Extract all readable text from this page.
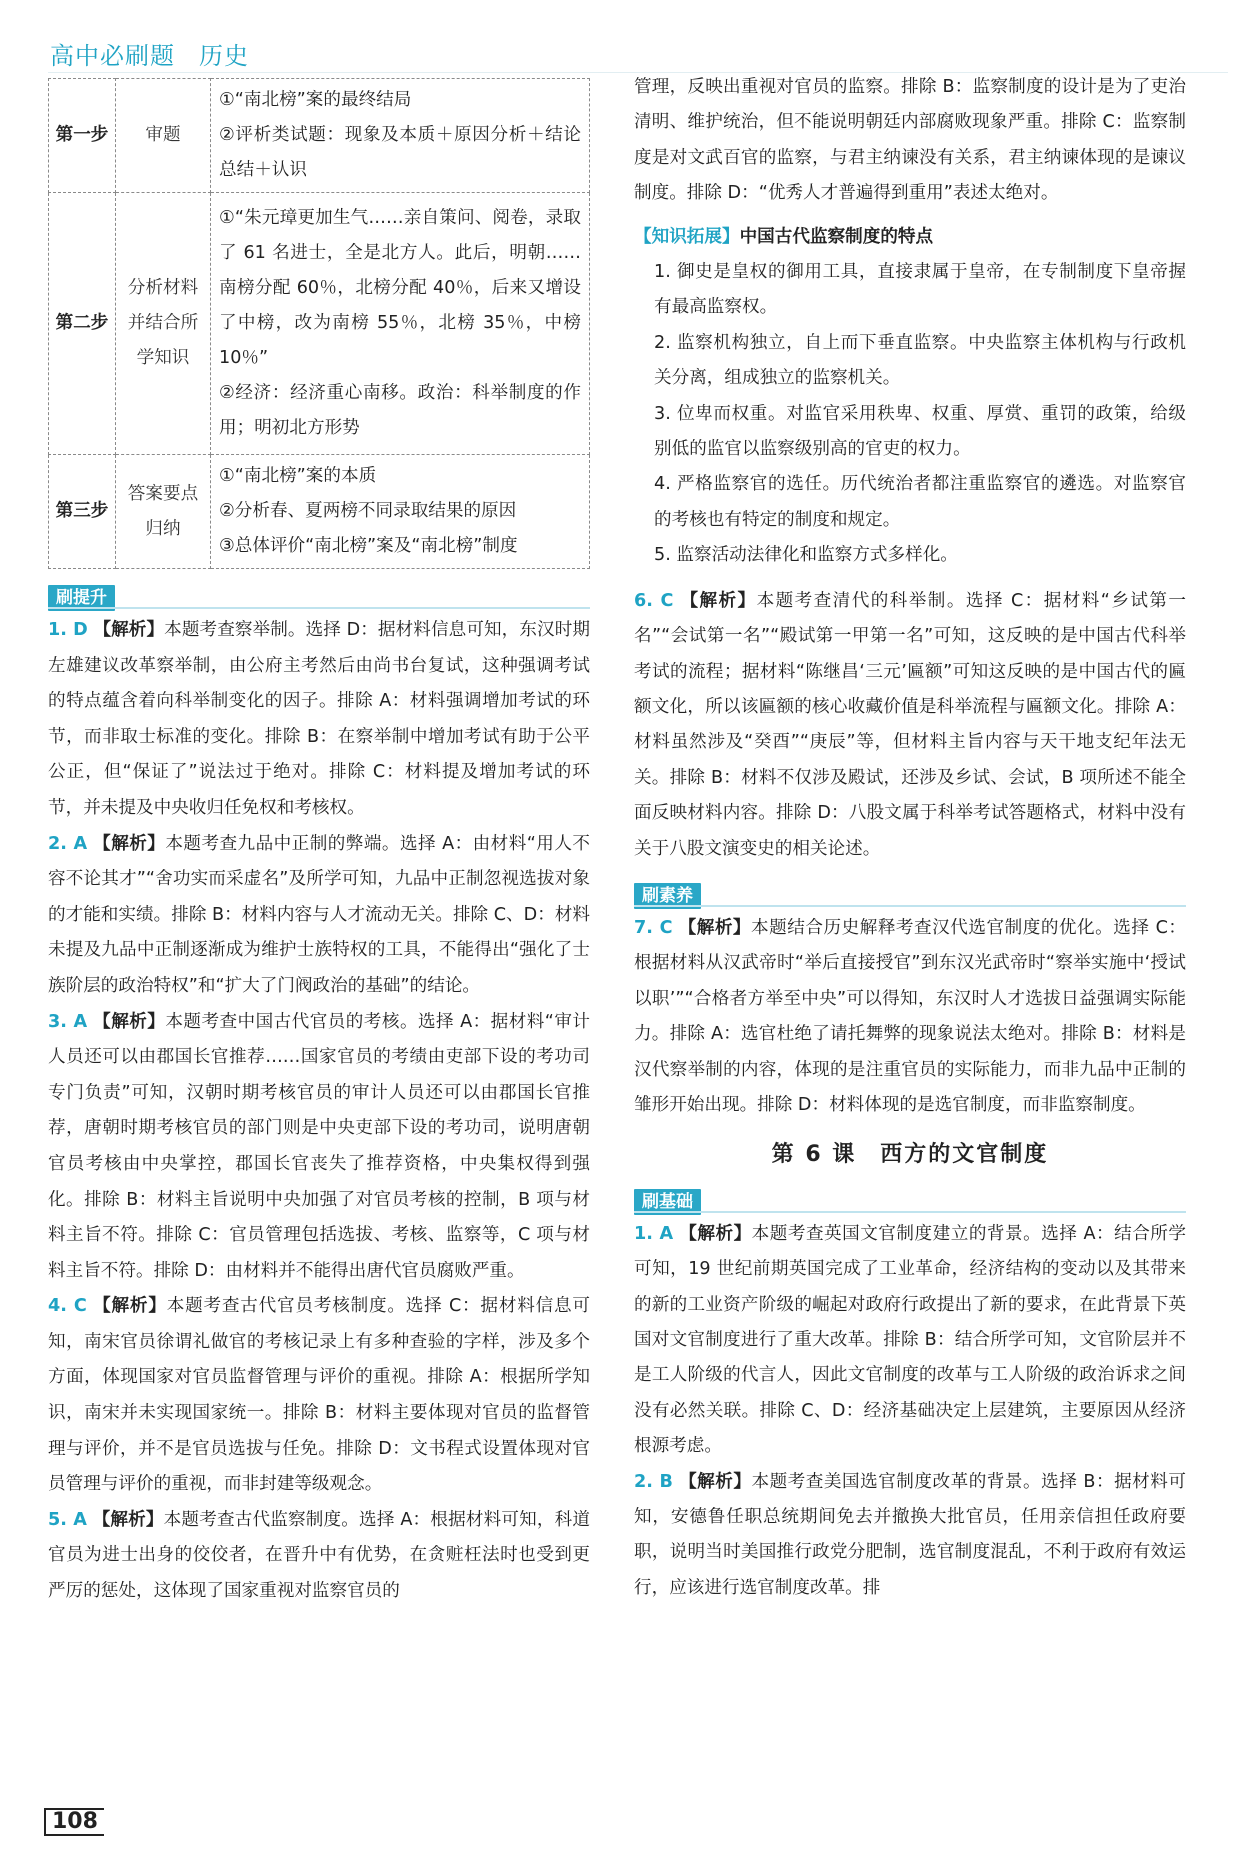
高中必刷题 历史
第一步	审题	①“南北榜”案的最终结局
②评析类试题：现象及本质＋原因分析＋结论总结＋认识

第二步	分析材料并结合所学知识	①“朱元璋更加生气……亲自策问、阅卷，录取了 61 名进士，全是北方人。此后，明朝……南榜分配 60％，北榜分配 40％，后来又增设了中榜，改为南榜 55％，北榜 35％，中榜 10％”
②经济：经济重心南移。政治：科举制度的作用；明初北方形势

第三步	答案要点归纳	①“南北榜”案的本质
②分析春、夏两榜不同录取结果的原因
③总体评价“南北榜”案及“南北榜”制度
刷提升

1. D 【解析】本题考查察举制。选择 D：据材料信息可知，东汉时期左雄建议改革察举制，由公府主考然后由尚书台复试，这种强调考试的特点蕴含着向科举制变化的因子。排除 A：材料强调增加考试的环节，而非取士标准的变化。排除 B：在察举制中增加考试有助于公平公正，但“保证了”说法过于绝对。排除 C：材料提及增加考试的环节，并未提及中央收归任免权和考核权。

2. A 【解析】本题考查九品中正制的弊端。选择 A：由材料“用人不容不论其才”“舍功实而采虚名”及所学可知，九品中正制忽视选拔对象的才能和实绩。排除 B：材料内容与人才流动无关。排除 C、D：材料未提及九品中正制逐渐成为维护士族特权的工具，不能得出“强化了士族阶层的政治特权”和“扩大了门阀政治的基础”的结论。

3. A 【解析】本题考查中国古代官员的考核。选择 A：据材料“审计人员还可以由郡国长官推荐……国家官员的考绩由吏部下设的考功司专门负责”可知，汉朝时期考核官员的审计人员还可以由郡国长官推荐，唐朝时期考核官员的部门则是中央吏部下设的考功司，说明唐朝官员考核由中央掌控，郡国长官丧失了推荐资格，中央集权得到强化。排除 B：材料主旨说明中央加强了对官员考核的控制，B 项与材料主旨不符。排除 C：官员管理包括选拔、考核、监察等，C 项与材料主旨不符。排除 D：由材料并不能得出唐代官员腐败严重。

4. C 【解析】本题考查古代官员考核制度。选择 C：据材料信息可知，南宋官员徐谓礼做官的考核记录上有多种查验的字样，涉及多个方面，体现国家对官员监督管理与评价的重视。排除 A：根据所学知识，南宋并未实现国家统一。排除 B：材料主要体现对官员的监督管理与评价，并不是官员选拔与任免。排除 D：文书程式设置体现对官员管理与评价的重视，而非封建等级观念。

5. A 【解析】本题考查古代监察制度。选择 A：根据材料可知，科道官员为进士出身的佼佼者，在晋升中有优势，在贪赃枉法时也受到更严厉的惩处，这体现了国家重视对监察官员的

管理，反映出重视对官员的监察。排除 B：监察制度的设计是为了吏治清明、维护统治，但不能说明朝廷内部腐败现象严重。排除 C：监察制度是对文武百官的监察，与君主纳谏没有关系，君主纳谏体现的是谏议制度。排除 D：“优秀人才普遍得到重用”表述太绝对。

【知识拓展】中国古代监察制度的特点
1. 御史是皇权的御用工具，直接隶属于皇帝，在专制制度下皇帝握有最高监察权。
2. 监察机构独立，自上而下垂直监察。中央监察主体机构与行政机关分离，组成独立的监察机关。
3. 位卑而权重。对监官采用秩卑、权重、厚赏、重罚的政策，给级别低的监官以监察级别高的官吏的权力。
4. 严格监察官的选任。历代统治者都注重监察官的遴选。对监察官的考核也有特定的制度和规定。
5. 监察活动法律化和监察方式多样化。

6. C 【解析】本题考查清代的科举制。选择 C：据材料“乡试第一名”“会试第一名”“殿试第一甲第一名”可知，这反映的是中国古代科举考试的流程；据材料“陈继昌‘三元’匾额”可知这反映的是中国古代的匾额文化，所以该匾额的核心收藏价值是科举流程与匾额文化。排除 A：材料虽然涉及“癸酉”“庚辰”等，但材料主旨内容与天干地支纪年法无关。排除 B：材料不仅涉及殿试，还涉及乡试、会试，B 项所述不能全面反映材料内容。排除 D：八股文属于科举考试答题格式，材料中没有关于八股文演变史的相关论述。

刷素养

7. C 【解析】本题结合历史解释考查汉代选官制度的优化。选择 C：根据材料从汉武帝时“举后直接授官”到东汉光武帝时“察举实施中‘授试以职’”“合格者方举至中央”可以得知，东汉时人才选拔日益强调实际能力。排除 A：选官杜绝了请托舞弊的现象说法太绝对。排除 B：材料是汉代察举制的内容，体现的是注重官员的实际能力，而非九品中正制的雏形开始出现。排除 D：材料体现的是选官制度，而非监察制度。

第 6 课　西方的文官制度
刷基础

1. A 【解析】本题考查英国文官制度建立的背景。选择 A：结合所学可知，19 世纪前期英国完成了工业革命，经济结构的变动以及其带来的新的工业资产阶级的崛起对政府行政提出了新的要求，在此背景下英国对文官制度进行了重大改革。排除 B：结合所学可知，文官阶层并不是工人阶级的代言人，因此文官制度的改革与工人阶级的政治诉求之间没有必然关联。排除 C、D：经济基础决定上层建筑，主要原因从经济根源考虑。

2. B 【解析】本题考查美国选官制度改革的背景。选择 B：据材料可知，安德鲁任职总统期间免去并撤换大批官员，任用亲信担任政府要职，说明当时美国推行政党分肥制，选官制度混乱，不利于政府有效运行，应该进行选官制度改革。排

108
